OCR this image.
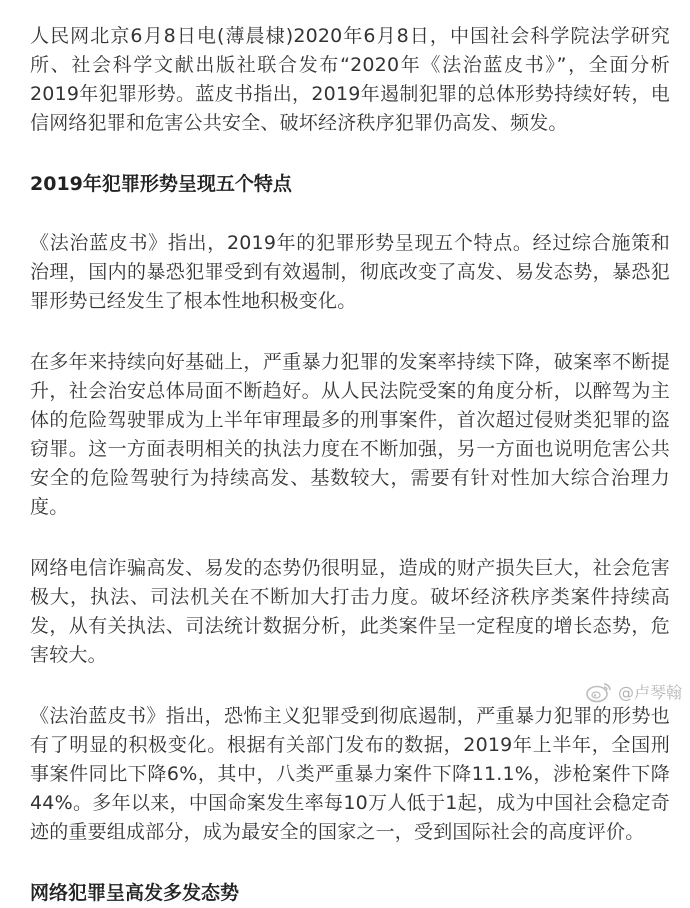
人民网北京6月8日电(薄晨棣)2020年6月8日，中国社会科学院法学研究所、社会科学文献出版社联合发布“2020年《法治蓝皮书》”，全面分析2019年犯罪形势。蓝皮书指出，2019年遏制犯罪的总体形势持续好转，电信网络犯罪和危害公共安全、破坏经济秩序犯罪仍高发、频发。

2019年犯罪形势呈现五个特点

《法治蓝皮书》指出，2019年的犯罪形势呈现五个特点。经过综合施策和治理，国内的暴恐犯罪受到有效遏制，彻底改变了高发、易发态势，暴恐犯罪形势已经发生了根本性地积极变化。

在多年来持续向好基础上，严重暴力犯罪的发案率持续下降，破案率不断提升，社会治安总体局面不断趋好。从人民法院受案的角度分析，以醉驾为主体的危险驾驶罪成为上半年审理最多的刑事案件，首次超过侵财类犯罪的盗窃罪。这一方面表明相关的执法力度在不断加强，另一方面也说明危害公共安全的危险驾驶行为持续高发、基数较大，需要有针对性加大综合治理力度。

网络电信诈骗高发、易发的态势仍很明显，造成的财产损失巨大，社会危害极大，执法、司法机关在不断加大打击力度。破坏经济秩序类案件持续高发，从有关执法、司法统计数据分析，此类案件呈一定程度的增长态势，危害较大。

《法治蓝皮书》指出，恐怖主义犯罪受到彻底遏制，严重暴力犯罪的形势也有了明显的积极变化。根据有关部门发布的数据，2019年上半年，全国刑事案件同比下降6%，其中，八类严重暴力案件下降11.1%，涉枪案件下降44%。多年以来，中国命案发生率每10万人低于1起，成为中国社会稳定奇迹的重要组成部分，成为最安全的国家之一，受到国际社会的高度评价。

网络犯罪呈高发多发态势
@卢琴翰
